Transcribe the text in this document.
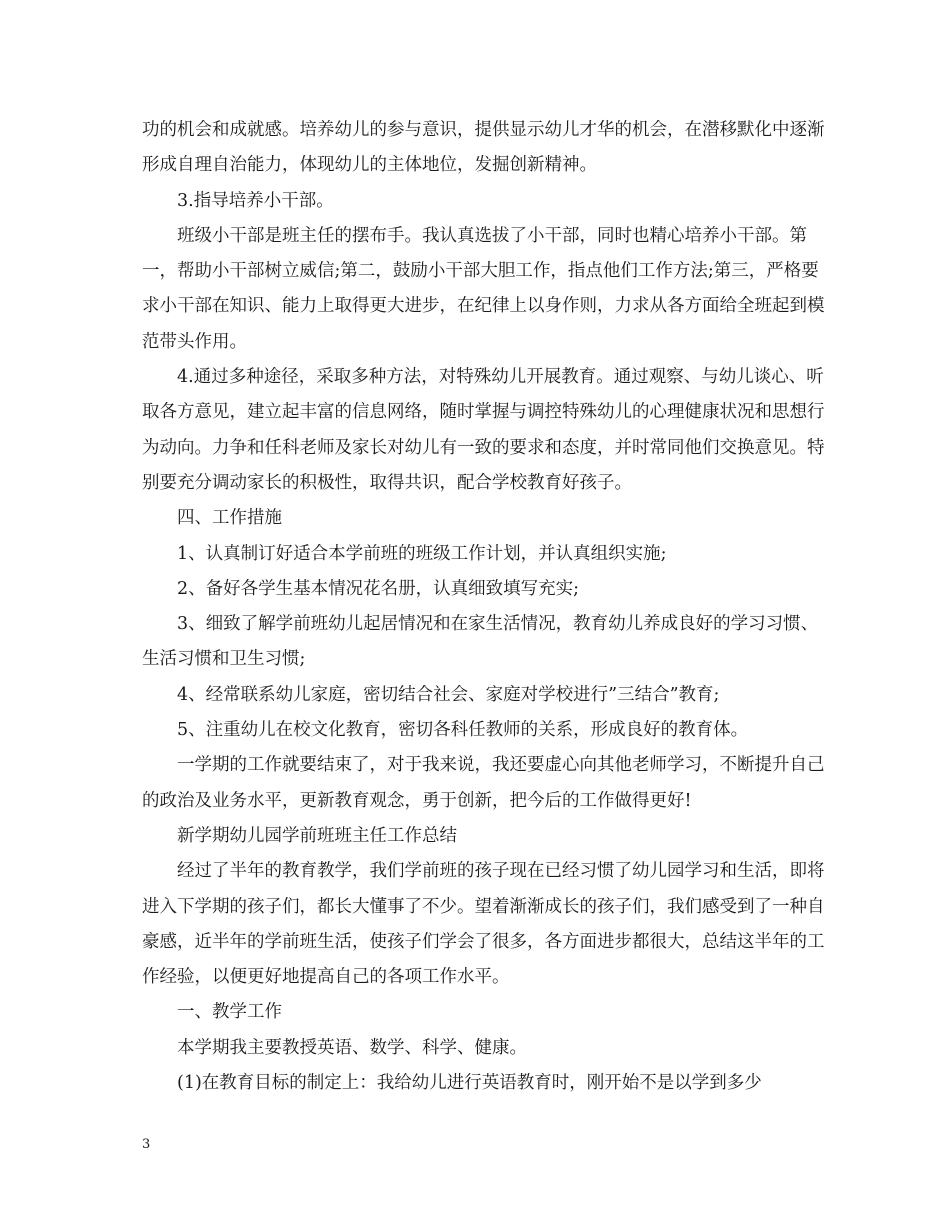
功的机会和成就感。培养幼儿的参与意识，提供显示幼儿才华的机会，在潜移默化中逐渐形成自理自治能力，体现幼儿的主体地位，发掘创新精神。

3.指导培养小干部。

班级小干部是班主任的摆布手。我认真选拔了小干部，同时也精心培养小干部。第一，帮助小干部树立威信;第二，鼓励小干部大胆工作，指点他们工作方法;第三，严格要求小干部在知识、能力上取得更大进步，在纪律上以身作则，力求从各方面给全班起到模范带头作用。

4.通过多种途径，采取多种方法，对特殊幼儿开展教育。通过观察、与幼儿谈心、听取各方意见，建立起丰富的信息网络，随时掌握与调控特殊幼儿的心理健康状况和思想行为动向。力争和任科老师及家长对幼儿有一致的要求和态度，并时常同他们交换意见。特别要充分调动家长的积极性，取得共识，配合学校教育好孩子。

四、工作措施

1、认真制订好适合本学前班的班级工作计划，并认真组织实施;

2、备好各学生基本情况花名册，认真细致填写充实;

3、细致了解学前班幼儿起居情况和在家生活情况，教育幼儿养成良好的学习习惯、生活习惯和卫生习惯;

4、经常联系幼儿家庭，密切结合社会、家庭对学校进行”三结合”教育;

5、注重幼儿在校文化教育，密切各科任教师的关系，形成良好的教育体。

一学期的工作就要结束了，对于我来说，我还要虚心向其他老师学习，不断提升自己的政治及业务水平，更新教育观念，勇于创新，把今后的工作做得更好!

新学期幼儿园学前班班主任工作总结

经过了半年的教育教学，我们学前班的孩子现在已经习惯了幼儿园学习和生活，即将进入下学期的孩子们，都长大懂事了不少。望着渐渐成长的孩子们，我们感受到了一种自豪感，近半年的学前班生活，使孩子们学会了很多，各方面进步都很大，总结这半年的工作经验，以便更好地提高自己的各项工作水平。

一、教学工作

本学期我主要教授英语、数学、科学、健康。

(1)在教育目标的制定上：我给幼儿进行英语教育时，刚开始不是以学到多少

3
